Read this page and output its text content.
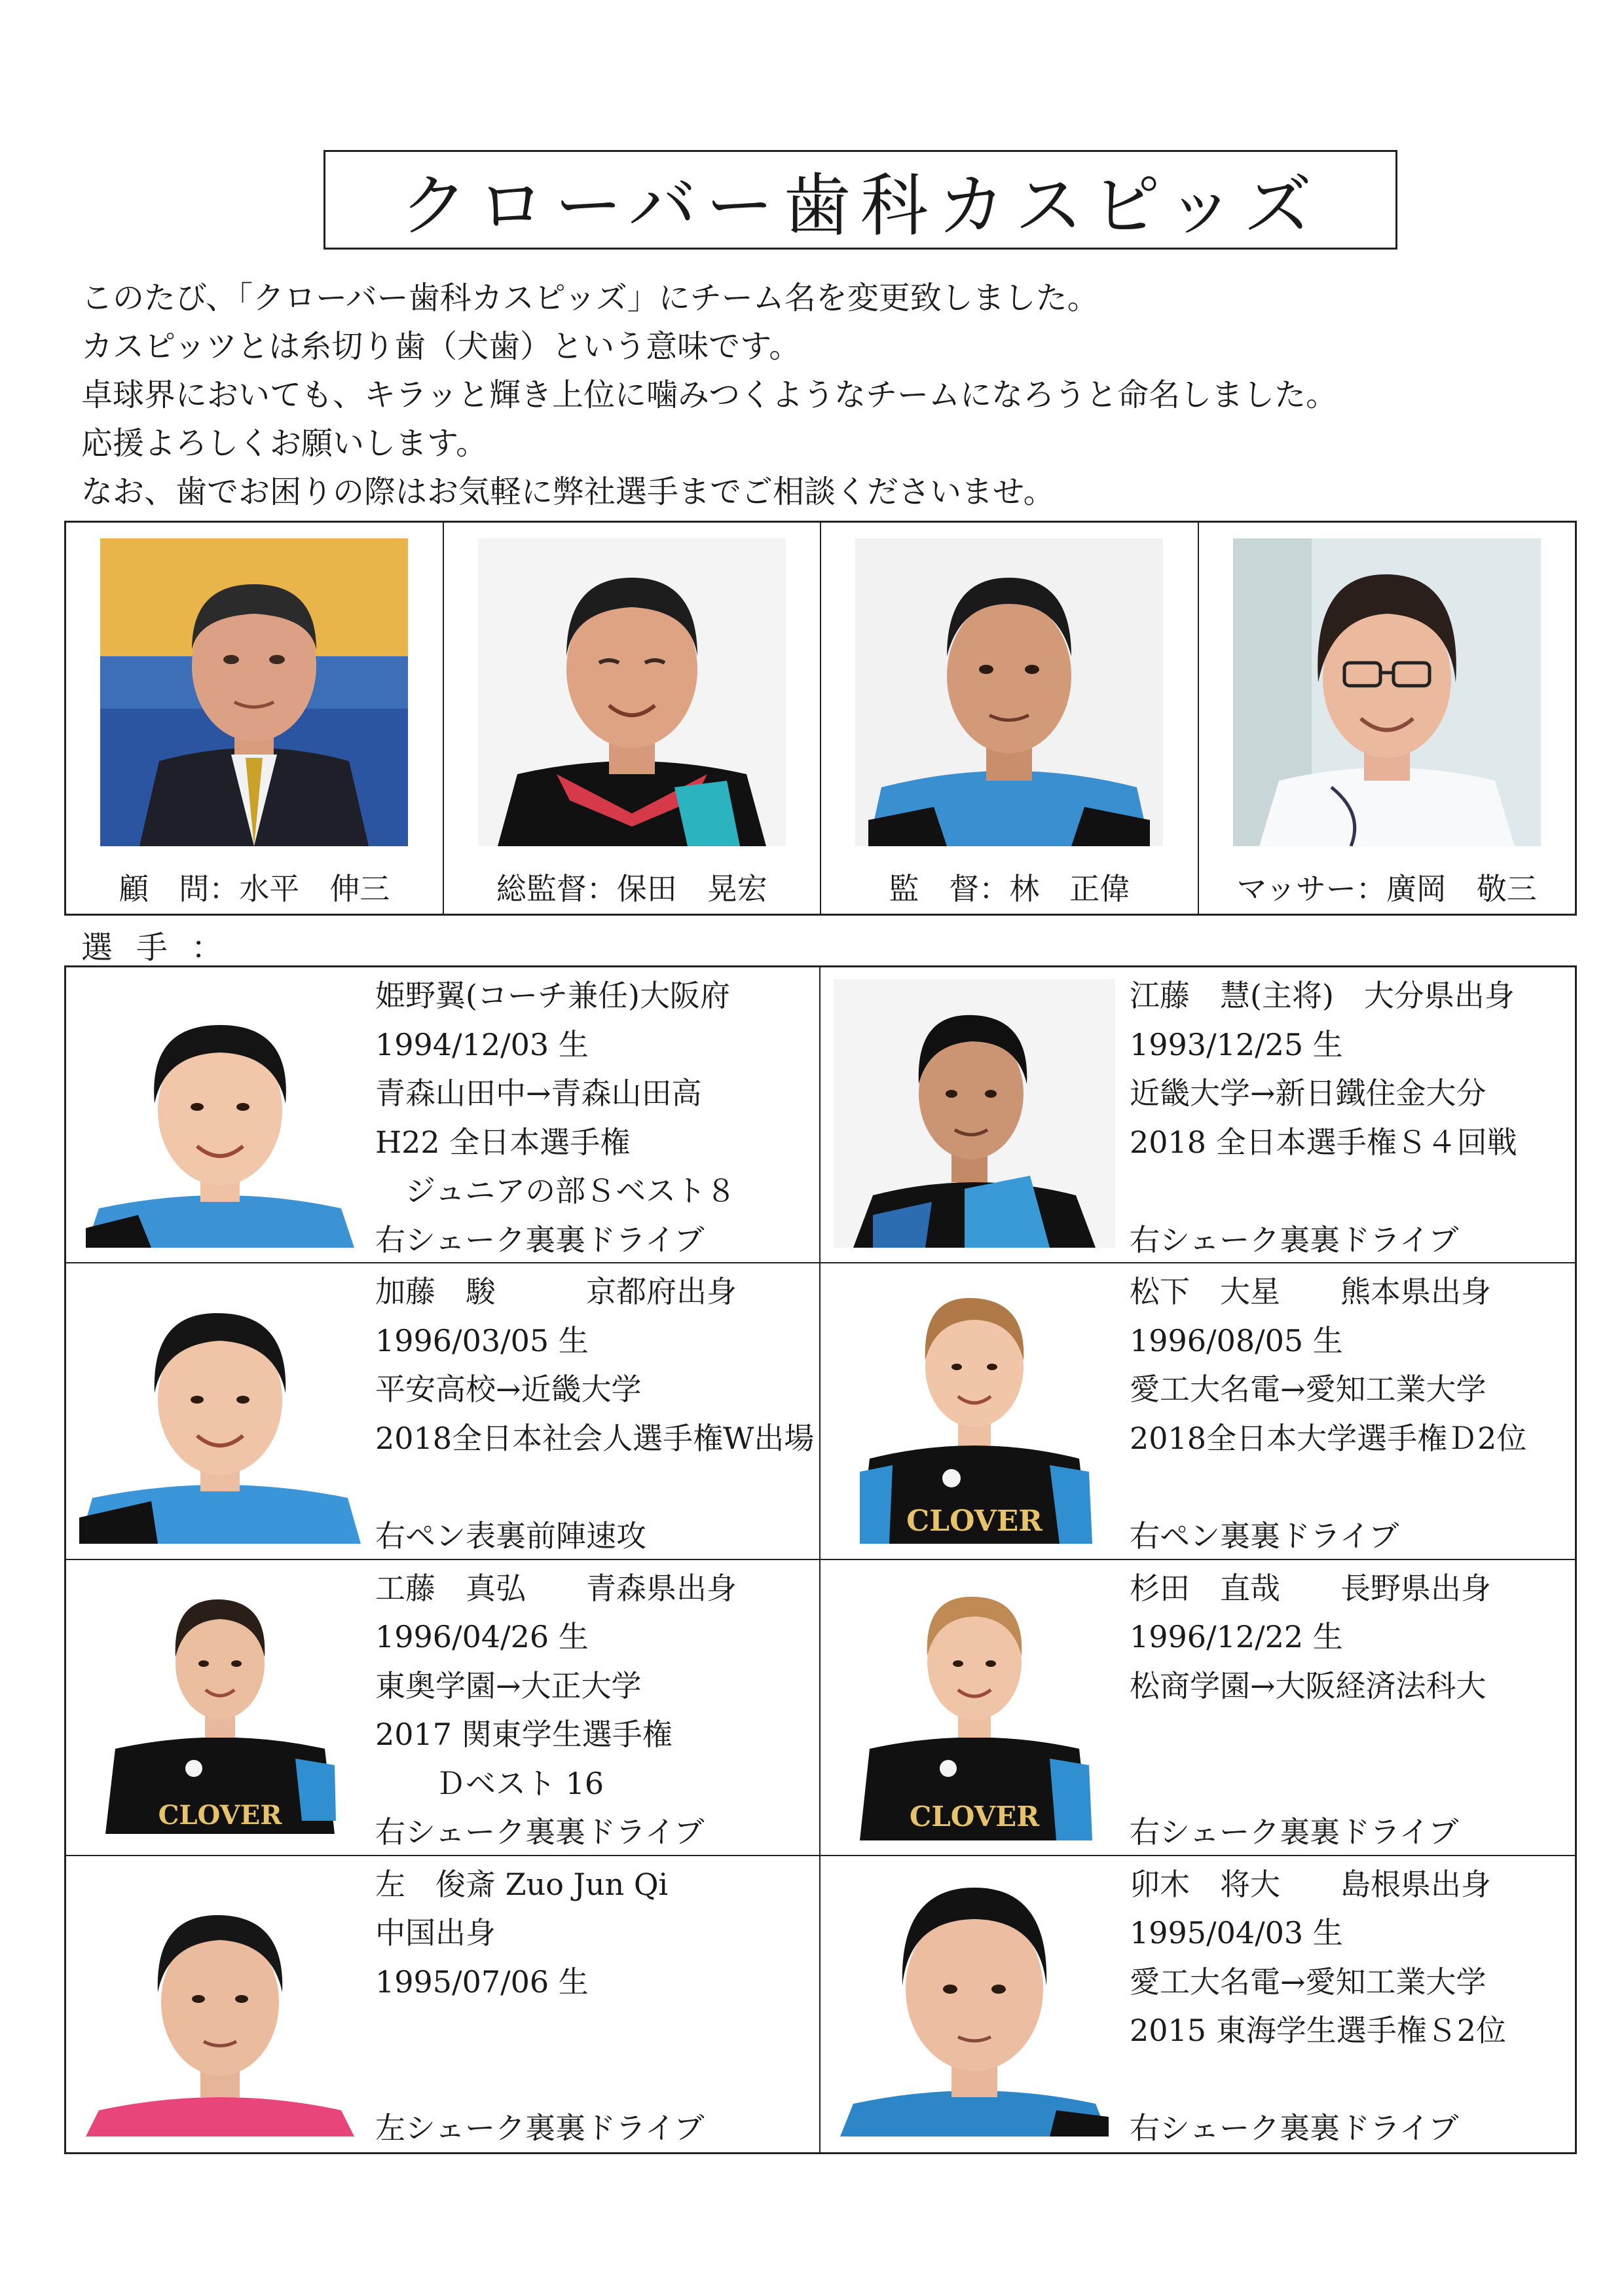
クローバー歯科カスピッズ

このたび、「クローバー歯科カスピッズ」にチーム名を変更致しました。

カスピッツとは糸切り歯（犬歯）という意味です。

卓球界においても、キラッと輝き上位に噛みつくようなチームになろうと命名しました。

応援よろしくお願いします。

なお、歯でお困りの際はお気軽に弊社選手までご相談くださいませ。

顧　問：水平　伸三	総監督：保田　晃宏	監　督：林　正偉	マッサー：廣岡　敬三
選手：
姫野翼(コーチ兼任)大阪府
1994/12/03 生
青森山田中→青森山田高
H22 全日本選手権
　ジュニアの部Ｓベスト８
右シェーク裏裏ドライブ
江藤　慧(主将)　大分県出身
1993/12/25 生
近畿大学→新日鐵住金大分
2018 全日本選手権Ｓ４回戦
右シェーク裏裏ドライブ
加藤　駿　　　京都府出身
1996/03/05 生
平安高校→近畿大学
2018全日本社会人選手権W出場
右ペン表裏前陣速攻	CLOVER
松下　大星　　熊本県出身
1996/08/05 生
愛工大名電→愛知工業大学
2018全日本大学選手権Ｄ2位
右ペン裏裏ドライブ
CLOVER
工藤　真弘　　青森県出身
1996/04/26 生
東奥学園→大正大学
2017 関東学生選手権
　　Ｄベスト 16
右シェーク裏裏ドライブ	CLOVER
杉田　直哉　　長野県出身
1996/12/22 生
松商学園→大阪経済法科大
右シェーク裏裏ドライブ
左　俊斎 Zuo Jun Qi
中国出身
1995/07/06 生
左シェーク裏裏ドライブ
卯木　将大　　島根県出身
1995/04/03 生
愛工大名電→愛知工業大学
2015 東海学生選手権Ｓ2位
右シェーク裏裏ドライブ
